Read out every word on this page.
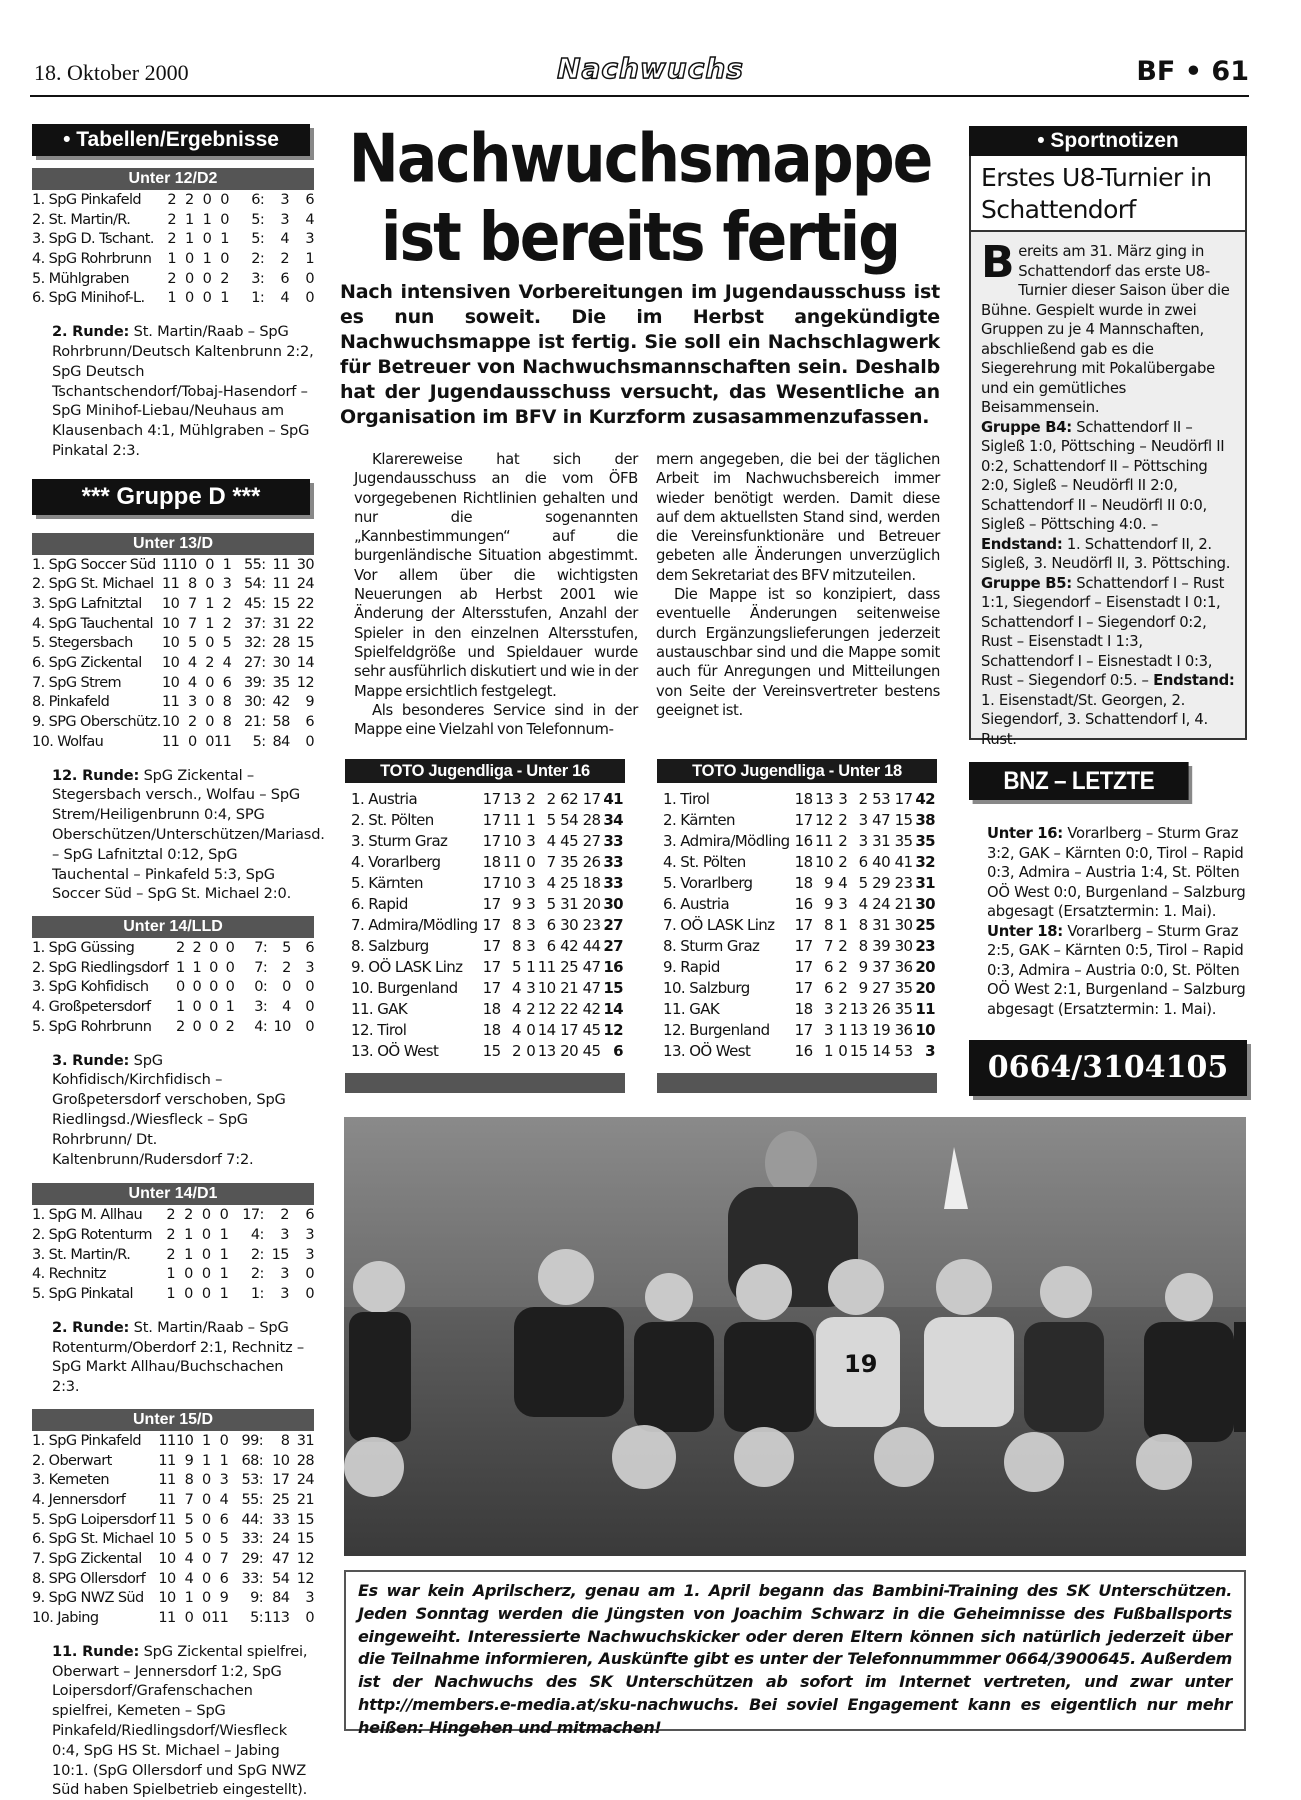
18. Oktober 2000	Nachwuchs	BF • 61
• Tabellen/Ergebnisse
Unter 12/D2
1. SpG Pinkafeld	2	2	0	0	6:	3	6
2. St. Martin/R.	2	1	1	0	5:	3	4
3. SpG D. Tschant.	2	1	0	1	5:	4	3
4. SpG Rohrbrunn	1	0	1	0	2:	2	1
5. Mühlgraben	2	0	0	2	3:	6	0
6. SpG Minihof-L.	1	0	0	1	1:	4	0
2. Runde: St. Martin/Raab – SpG Rohrbrunn/Deutsch Kaltenbrunn 2:2, SpG Deutsch Tschantschendorf/Tobaj-Hasendorf – SpG Minihof-Liebau/Neuhaus am Klausenbach 4:1, Mühlgraben – SpG Pinkatal 2:3.
*** Gruppe D ***
Unter 13/D
1. SpG Soccer Süd	11	10	0	1	55:	11	30
2. SpG St. Michael	11	8	0	3	54:	11	24
3. SpG Lafnitztal	10	7	1	2	45:	15	22
4. SpG Tauchental	10	7	1	2	37:	31	22
5. Stegersbach	10	5	0	5	32:	28	15
6. SpG Zickental	10	4	2	4	27:	30	14
7. SpG Strem	10	4	0	6	39:	35	12
8. Pinkafeld	11	3	0	8	30:	42	9
9. SPG Oberschütz.	10	2	0	8	21:	58	6
10. Wolfau	11	0	0	11	5:	84	0
12. Runde: SpG Zickental – Stegersbach versch., Wolfau – SpG Strem/Heiligenbrunn 0:4, SPG Oberschützen/Unterschützen/Mariasd. – SpG Lafnitztal 0:12, SpG Tauchental – Pinkafeld 5:3, SpG Soccer Süd – SpG St. Michael 2:0.
Unter 14/LLD
1. SpG Güssing	2	2	0	0	7:	5	6
2. SpG Riedlingsdorf	1	1	0	0	7:	2	3
3. SpG Kohfidisch	0	0	0	0	0:	0	0
4. Großpetersdorf	1	0	0	1	3:	4	0
5. SpG Rohrbrunn	2	0	0	2	4:	10	0
3. Runde: SpG Kohfidisch/Kirchfidisch – Großpetersdorf verschoben, SpG Riedlingsd./Wiesfleck – SpG Rohrbrunn/ Dt. Kaltenbrunn/Rudersdorf 7:2.
Unter 14/D1
1. SpG M. Allhau	2	2	0	0	17:	2	6
2. SpG Rotenturm	2	1	0	1	4:	3	3
3. St. Martin/R.	2	1	0	1	2:	15	3
4. Rechnitz	1	0	0	1	2:	3	0
5. SpG Pinkatal	1	0	0	1	1:	3	0
2. Runde: St. Martin/Raab – SpG Rotenturm/Oberdorf 2:1, Rechnitz – SpG Markt Allhau/Buchschachen 2:3.
Unter 15/D
1. SpG Pinkafeld	11	10	1	0	99:	8	31
2. Oberwart	11	9	1	1	68:	10	28
3. Kemeten	11	8	0	3	53:	17	24
4. Jennersdorf	11	7	0	4	55:	25	21
5. SpG Loipersdorf	11	5	0	6	44:	33	15
6. SpG St. Michael	10	5	0	5	33:	24	15
7. SpG Zickental	10	4	0	7	29:	47	12
8. SPG Ollersdorf	10	4	0	6	33:	54	12
9. SpG NWZ Süd	10	1	0	9	9:	84	3
10. Jabing	11	0	0	11	5:	113	0
11. Runde: SpG Zickental spielfrei, Oberwart – Jennersdorf 1:2, SpG Loipersdorf/Grafenschachen spielfrei, Kemeten – SpG Pinkafeld/Riedlingsdorf/Wiesfleck 0:4, SpG HS St. Michael – Jabing 10:1. (SpG Ollersdorf und SpG NWZ Süd haben Spielbetrieb eingestellt).
Nachwuchsmappe
ist bereits fertig
Nach intensiven Vorbereitungen im Jugendausschuss ist es nun soweit. Die im Herbst angekündigte Nachwuchsmappe ist fertig. Sie soll ein Nachschlagwerk für Betreuer von Nachwuchsmannschaften sein. Deshalb hat der Jugendausschuss versucht, das Wesentliche an Organisation im BFV in Kurzform zusasammenzufassen.

Klarereweise hat sich der Jugendausschuss an die vom ÖFB vorgegebenen Richtlinien gehalten und nur die sogenannten „Kannbestimmungen“ auf die burgenländische Situation abgestimmt. Vor allem über die wichtigsten Neuerungen ab Herbst 2001 wie Änderung der Altersstufen, Anzahl der Spieler in den einzelnen Altersstufen, Spielfeldgröße und Spieldauer wurde sehr ausführlich diskutiert und wie in der Mappe ersichtlich festgelegt.

Als besonderes Service sind in der Mappe eine Vielzahl von Telefonnum-

mern angegeben, die bei der täglichen Arbeit im Nachwuchsbereich immer wieder benötigt werden. Damit diese auf dem aktuellsten Stand sind, werden die Vereinsfunktionäre und Betreuer gebeten alle Änderungen unverzüglich dem Sekretariat des BFV mitzuteilen.

Die Mappe ist so konzipiert, dass eventuelle Änderungen seitenweise durch Ergänzungslieferungen jederzeit austauschbar sind und die Mappe somit auch für Anregungen und Mitteilungen von Seite der Vereinsvertreter bestens geeignet ist.

TOTO Jugendliga - Unter 16
1. Austria	17	13	2	2	62	17	41
2. St. Pölten	17	11	1	5	54	28	34
3. Sturm Graz	17	10	3	4	45	27	33
4. Vorarlberg	18	11	0	7	35	26	33
5. Kärnten	17	10	3	4	25	18	33
6. Rapid	17	9	3	5	31	20	30
7. Admira/Mödling	17	8	3	6	30	23	27
8. Salzburg	17	8	3	6	42	44	27
9. OÖ LASK Linz	17	5	1	11	25	47	16
10. Burgenland	17	4	3	10	21	47	15
11. GAK	18	4	2	12	22	42	14
12. Tirol	18	4	0	14	17	45	12
13. OÖ West	15	2	0	13	20	45	6
TOTO Jugendliga - Unter 18
1. Tirol	18	13	3	2	53	17	42
2. Kärnten	17	12	2	3	47	15	38
3. Admira/Mödling	16	11	2	3	31	35	35
4. St. Pölten	18	10	2	6	40	41	32
5. Vorarlberg	18	9	4	5	29	23	31
6. Austria	16	9	3	4	24	21	30
7. OÖ LASK Linz	17	8	1	8	31	30	25
8. Sturm Graz	17	7	2	8	39	30	23
9. Rapid	17	6	2	9	37	36	20
10. Salzburg	17	6	2	9	27	35	20
11. GAK	18	3	2	13	26	35	11
12. Burgenland	17	3	1	13	19	36	10
13. OÖ West	16	1	0	15	14	53	3
• Sportnotizen
Erstes U8-Turnier in Schattendorf
B ereits am 31. März ging in Schattendorf das erste U8-Turnier dieser Saison über die Bühne. Gespielt wurde in zwei Gruppen zu je 4 Mannschaften, abschließend gab es die Siegerehrung mit Pokalübergabe und ein gemütliches Beisammensein.
Gruppe B4: Schattendorf II – Sigleß 1:0, Pöttsching – Neudörfl II 0:2, Schattendorf II – Pöttsching 2:0, Sigleß – Neudörfl II 2:0, Schattendorf II – Neudörfl II 0:0, Sigleß – Pöttsching 4:0. – Endstand: 1. Schattendorf II, 2. Sigleß, 3. Neudörfl II, 3. Pöttsching.
Gruppe B5: Schattendorf I – Rust 1:1, Siegendorf – Eisenstadt I 0:1, Schattendorf I – Siegendorf 0:2, Rust – Eisenstadt I 1:3, Schattendorf I – Eisnestadt I 0:3, Rust – Siegendorf 0:5. – Endstand: 1. Eisenstadt/St. Georgen, 2. Siegendorf, 3. Schattendorf I, 4. Rust.
BNZ – LETZTE RUNDE
Unter 16: Vorarlberg – Sturm Graz 3:2, GAK – Kärnten 0:0, Tirol – Rapid 0:3, Admira – Austria 1:4, St. Pölten OÖ West 0:0, Burgenland – Salzburg abgesagt (Ersatztermin: 1. Mai).
Unter 18: Vorarlberg – Sturm Graz 2:5, GAK – Kärnten 0:5, Tirol – Rapid 0:3, Admira – Austria 0:0, St. Pölten OÖ West 2:1, Burgenland – Salzburg abgesagt (Ersatztermin: 1. Mai).
0664/3104105
19
Es war kein Aprilscherz, genau am 1. April begann das Bambini-Training des SK Unterschützen. Jeden Sonntag werden die Jüngsten von Joachim Schwarz in die Geheimnisse des Fußballsports eingeweiht. Interessierte Nachwuchskicker oder deren Eltern können sich natürlich jederzeit über die Teilnahme informieren, Auskünfte gibt es unter der Telefonnummmer 0664/3900645. Außerdem ist der Nachwuchs des SK Unterschützen ab sofort im Internet vertreten, und zwar unter http://members.e-media.at/sku-nachwuchs. Bei soviel Engagement kann es eigentlich nur mehr heißen: Hingehen und mitmachen!
